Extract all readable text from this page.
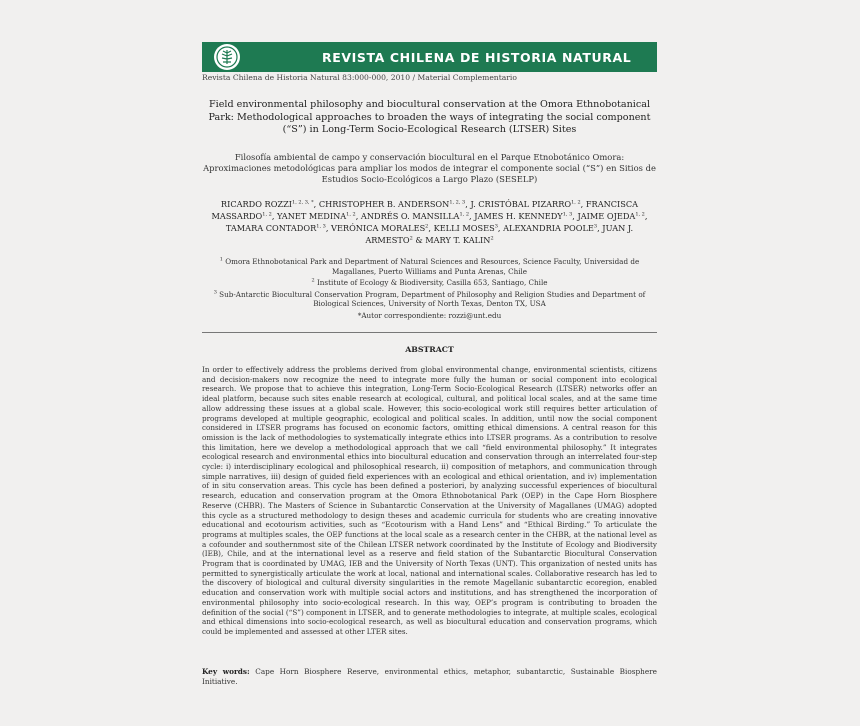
REVISTA CHILENA DE HISTORIA NATURAL
Revista Chilena de Historia Natural 83:000-000, 2010 / Material Complementario
Field environmental philosophy and biocultural conservation at the Omora Ethnobotanical Park: Methodological approaches to broaden the ways of integrating the social component (“S”) in Long-Term Socio-Ecological Research (LTSER) Sites
Filosofía ambiental de campo y conservación biocultural en el Parque Etnobotánico Omora: Aproximaciones metodológicas para ampliar los modos de integrar el componente social (“S”) en Sitios de Estudios Socio-Ecológicos a Largo Plazo (SESELP)
RICARDO $ROZZI^{1, 2, 3, *}$, CHRISTOPHER B. ANDERSON$^{1, 2, 3}$, J. CRISTÓBAL PIZARRO$^{1, 2}$, FRANCISCA MASSARDO$^{1, 2}$, YANET MEDINA$^{1, 2}$, ANDRÉS O. MANSILLA$^{1, 2}$, JAMES H. KENNEDY$^{1, 3}$, JAIME OJEDA$^{1, 2}$, TAMARA CONTADOR$^{1, 3}$, VERÓNICA MORALES$^2$, KELLI MOSES$^3$, ALEXANDRIA POOLE$^3$, JUAN J. ARMESTO$^2$ & MARY T. KALIN$^2$

$^1$ Omora Ethnobotanical Park and Department of Natural Sciences and Resources, Science Faculty, Universidad de Magallanes, Puerto Williams and Punta Arenas, Chile

$^2$ Institute of Ecology & Biodiversity, Casilla 653, Santiago, Chile

$^3$ Sub-Antarctic Biocultural Conservation Program, Department of Philosophy and Religion Studies and Department of Biological Sciences, University of North Texas, Denton TX, USA

*Autor correspondiente: rozzi@unt.edu

ABSTRACT

In order to effectively address the problems derived from global environmental change, environmental scientists, citizens and decision-makers now recognize the need to integrate more fully the human or social component into ecological research. We propose that to achieve this integration, Long-Term Socio-Ecological Research (LTSER) networks offer an ideal platform, because such sites enable research at ecological, cultural, and political local scales, and at the same time allow addressing these issues at a global scale. However, this socio-ecological work still requires better articulation of programs developed at multiple geographic, ecological and political scales. In addition, until now the social component considered in LTSER programs has focused on economic factors, omitting ethical dimensions. A central reason for this omission is the lack of methodologies to systematically integrate ethics into LTSER programs. As a contribution to resolve this limitation, here we develop a methodological approach that we call “field environmental philosophy.” It integrates ecological research and environmental ethics into biocultural education and conservation through an interrelated four-step cycle: i) interdisciplinary ecological and philosophical research, ii) composition of metaphors, and communication through simple narratives, iii) design of guided field experiences with an ecological and ethical orientation, and iv) implementation of in situ conservation areas. This cycle has been defined a posteriori, by analyzing successful experiences of biocultural research, education and conservation program at the Omora Ethnobotanical Park (OEP) in the Cape Horn Biosphere Reserve (CHBR). The Masters of Science in Subantarctic Conservation at the University of Magallanes (UMAG) adopted this cycle as a structured methodology to design theses and academic curricula for students who are creating innovative educational and ecotourism activities, such as “Ecotourism with a Hand Lens” and “Ethical Birding.” To articulate the programs at multiples scales, the OEP functions at the local scale as a research center in the CHBR, at the national level as a cofounder and southernmost site of the Chilean LTSER network coordinated by the Institute of Ecology and Biodiversity (IEB), Chile, and at the international level as a reserve and field station of the Subantarctic Biocultural Conservation Program that is coordinated by UMAG, IEB and the University of North Texas (UNT). This organization of nested units has permitted to synergistically articulate the work at local, national and international scales. Collaborative research has led to the discovery of biological and cultural diversity singularities in the remote Magellanic subantarctic ecoregion, enabled education and conservation work with multiple social actors and institutions, and has strengthened the incorporation of environmental philosophy into socio-ecological research. In this way, OEP’s program is contributing to broaden the definition of the social (“S”) component in LTSER, and to generate methodologies to integrate, at multiple scales, ecological and ethical dimensions into socio-ecological research, as well as biocultural education and conservation programs, which could be implemented and assessed at other LTER sites.

Key words: Cape Horn Biosphere Reserve, environmental ethics, metaphor, subantarctic, Sustainable Biosphere Initiative.
